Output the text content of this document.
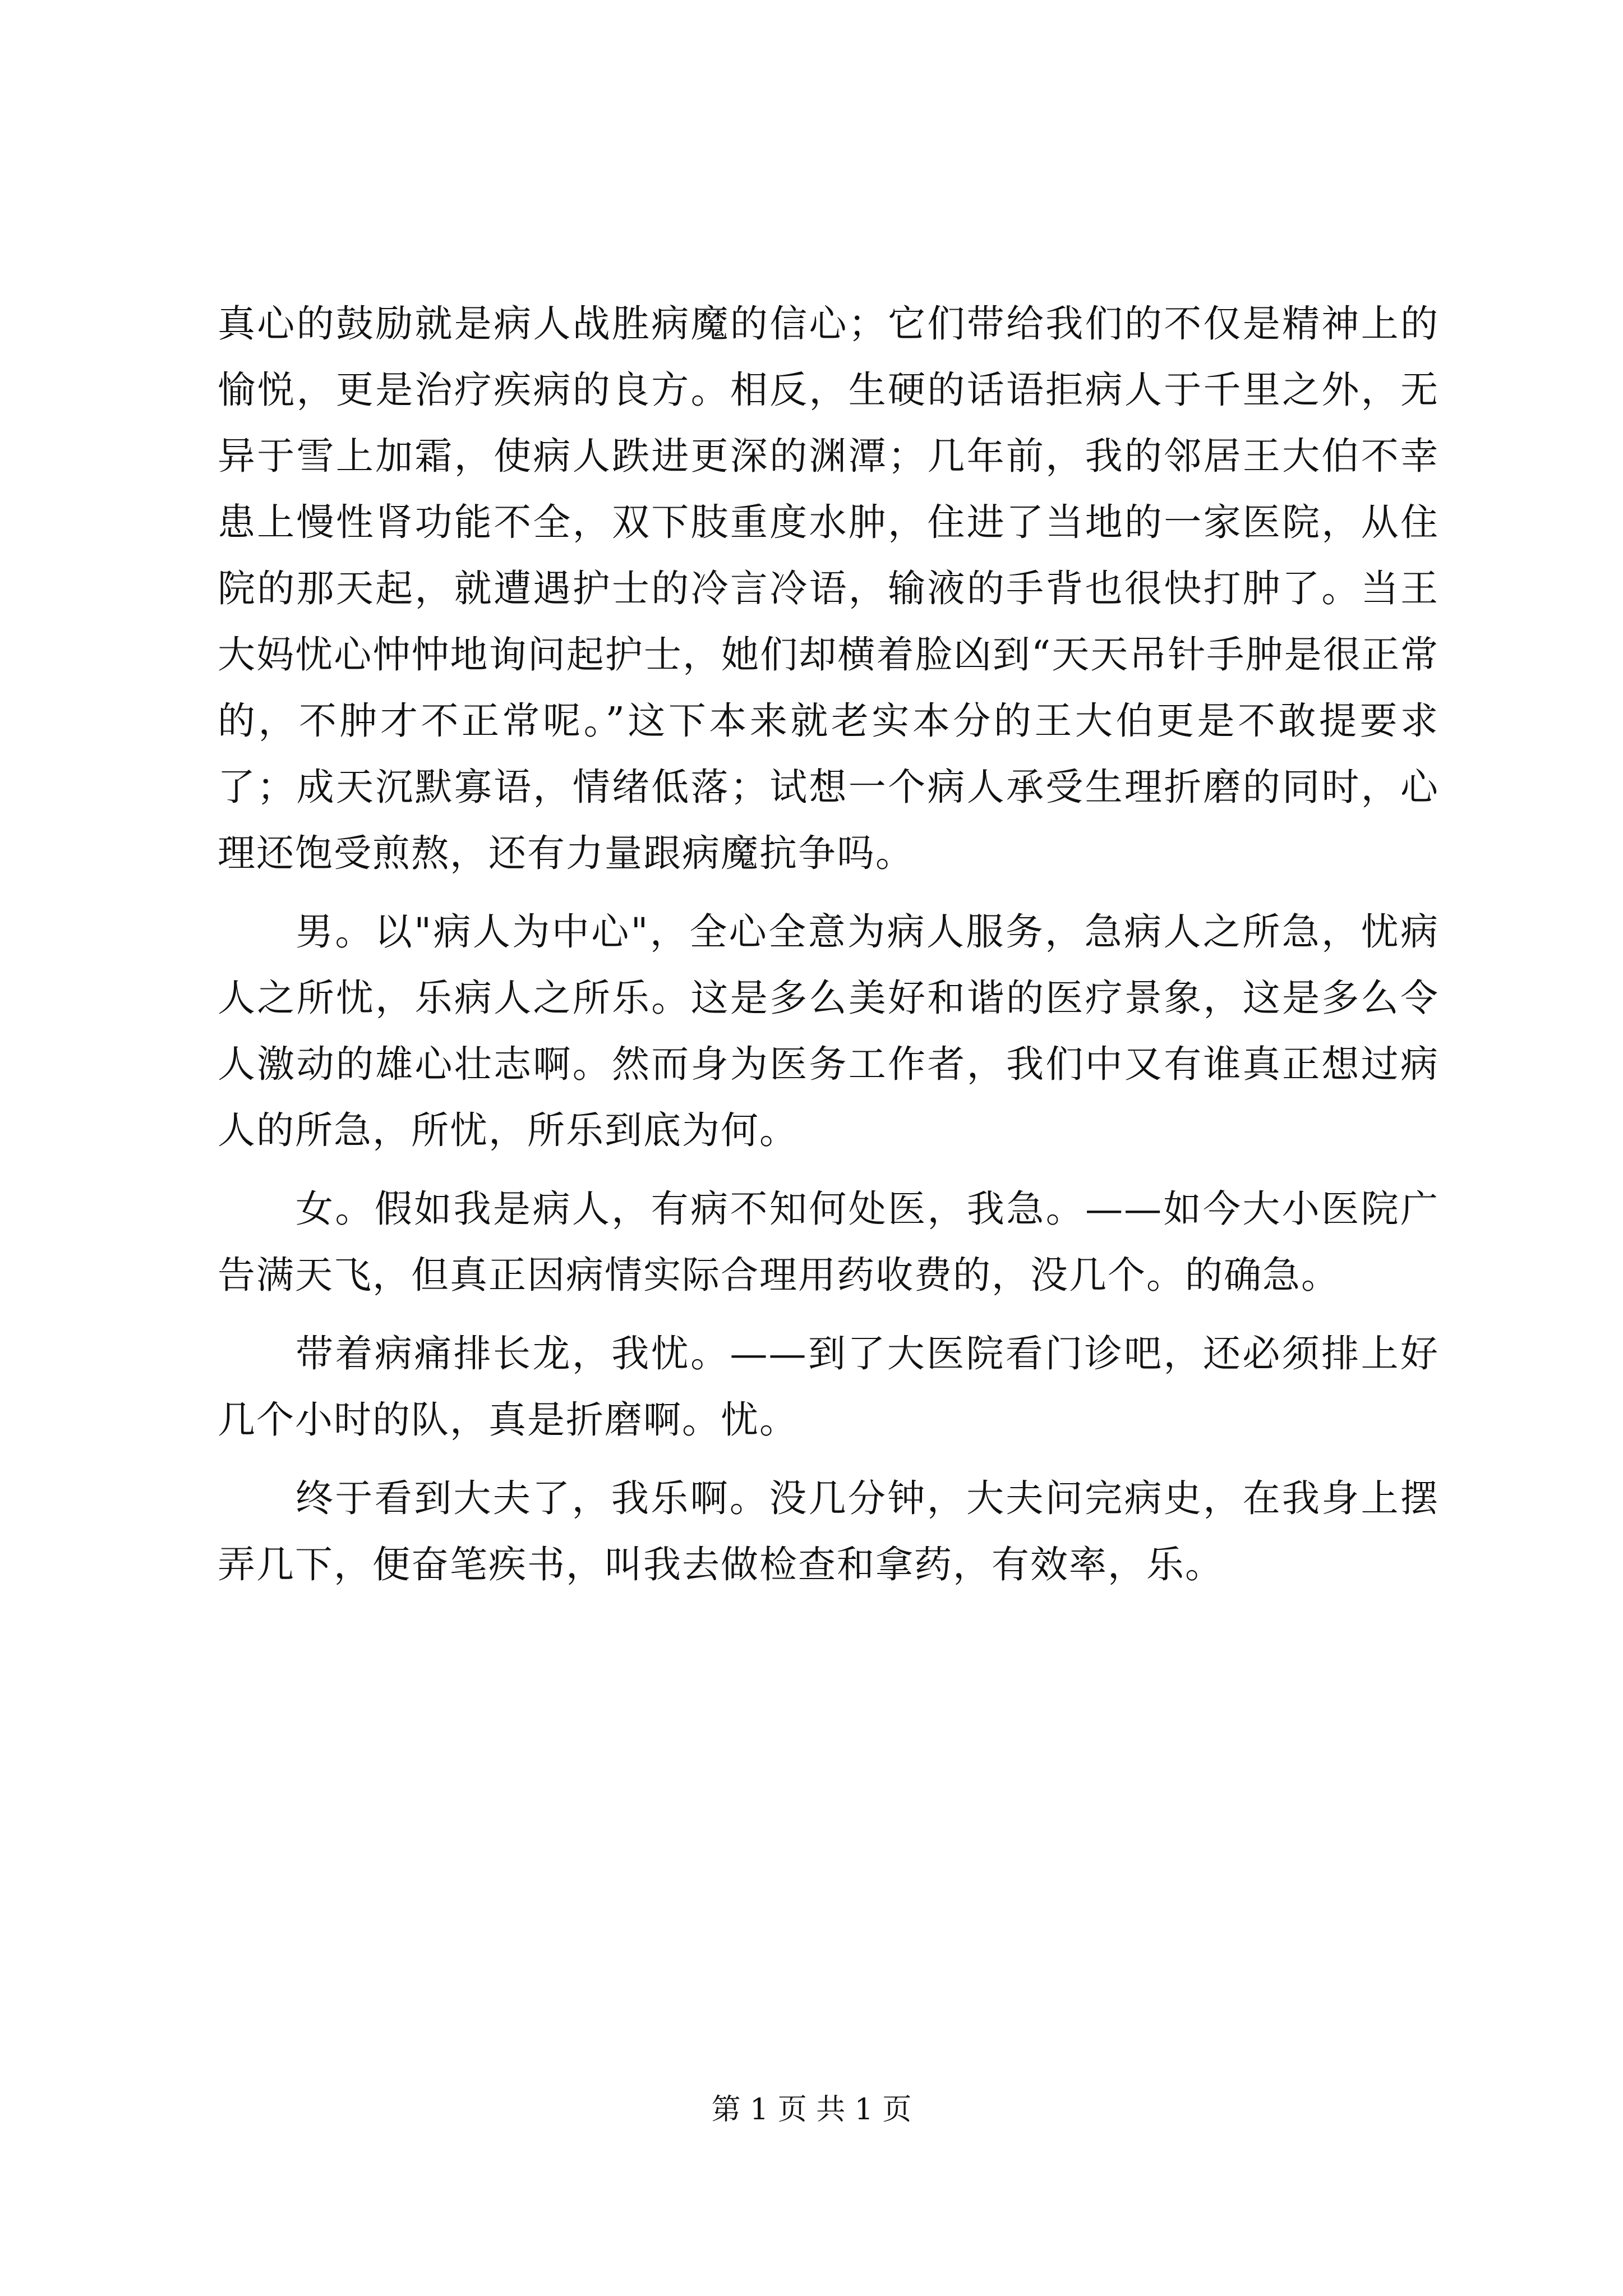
真心的鼓励就是病人战胜病魔的信心；它们带给我们的不仅是精神上的愉悦，更是治疗疾病的良方。相反，生硬的话语拒病人于千里之外，无异于雪上加霜，使病人跌进更深的渊潭；几年前，我的邻居王大伯不幸患上慢性肾功能不全，双下肢重度水肿，住进了当地的一家医院，从住院的那天起，就遭遇护士的冷言冷语，输液的手背也很快打肿了。当王大妈忧心忡忡地询问起护士，她们却横着脸凶到“天天吊针手肿是很正常的，不肿才不正常呢。”这下本来就老实本分的王大伯更是不敢提要求了；成天沉默寡语，情绪低落；试想一个病人承受生理折磨的同时，心理还饱受煎熬，还有力量跟病魔抗争吗。

男。以"病人为中心"，全心全意为病人服务，急病人之所急，忧病人之所忧，乐病人之所乐。这是多么美好和谐的医疗景象，这是多么令人激动的雄心壮志啊。然而身为医务工作者，我们中又有谁真正想过病人的所急，所忧，所乐到底为何。

女。假如我是病人，有病不知何处医，我急。——如今大小医院广告满天飞，但真正因病情实际合理用药收费的，没几个。的确急。

带着病痛排长龙，我忧。——到了大医院看门诊吧，还必须排上好几个小时的队，真是折磨啊。忧。

终于看到大夫了，我乐啊。没几分钟，大夫问完病史，在我身上摆弄几下，便奋笔疾书，叫我去做检查和拿药，有效率，乐。

第 1 页 共 1 页
